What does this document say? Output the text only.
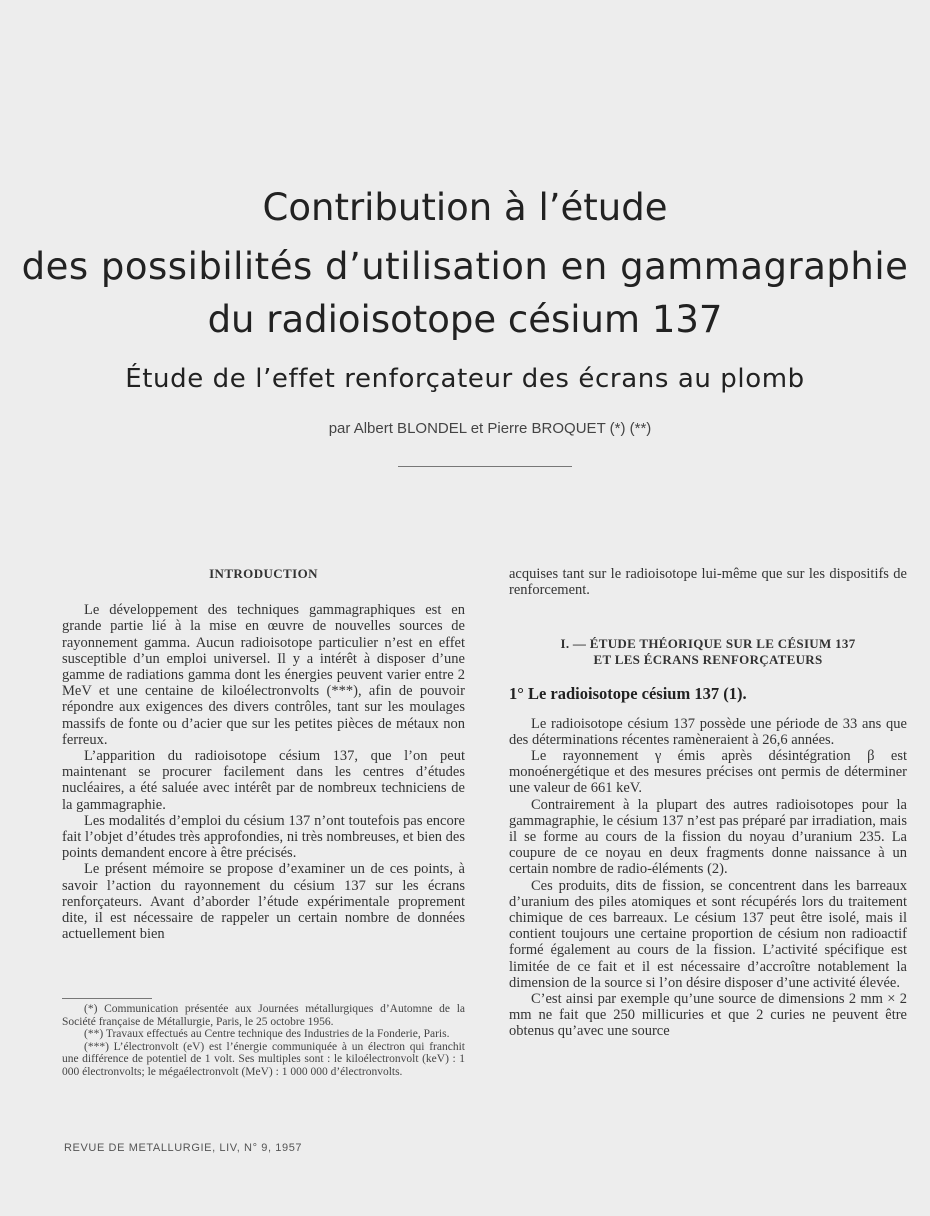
Contribution à l’étude
des possibilités d’utilisation en gammagraphie
du radioisotope césium 137
Étude de l’effet renforçateur des écrans au plomb
par Albert BLONDEL et Pierre BROQUET (*) (**)
INTRODUCTION

Le développement des techniques gammagraphiques est en grande partie lié à la mise en œuvre de nouvelles sources de rayonnement gamma. Aucun radioisotope particulier n’est en effet susceptible d’un emploi universel. Il y a intérêt à disposer d’une gamme de radiations gamma dont les énergies peuvent varier entre 2 MeV et une centaine de kiloélectronvolts (***), afin de pouvoir répondre aux exigences des divers contrôles, tant sur les moulages massifs de fonte ou d’acier que sur les petites pièces de métaux non ferreux.

L’apparition du radioisotope césium 137, que l’on peut maintenant se procurer facilement dans les centres d’études nucléaires, a été saluée avec intérêt par de nombreux techniciens de la gammagraphie.

Les modalités d’emploi du césium 137 n’ont toutefois pas encore fait l’objet d’études très approfondies, ni très nombreuses, et bien des points demandent encore à être précisés.

Le présent mémoire se propose d’examiner un de ces points, à savoir l’action du rayonnement du césium 137 sur les écrans renforçateurs. Avant d’aborder l’étude expérimentale proprement dite, il est nécessaire de rappeler un certain nombre de données actuellement bien

(*) Communication présentée aux Journées métallurgiques d’Automne de la Société française de Métallurgie, Paris, le 25 octobre 1956.

(**) Travaux effectués au Centre technique des Industries de la Fonderie, Paris.

(***) L’électronvolt (eV) est l’énergie communiquée à un électron qui franchit une différence de potentiel de 1 volt. Ses multiples sont : le kiloélectronvolt (keV) : 1 000 électronvolts; le mégaélectronvolt (MeV) : 1 000 000 d’électronvolts.

acquises tant sur le radioisotope lui-même que sur les dispositifs de renforcement.

I. — ÉTUDE THÉORIQUE SUR LE CÉSIUM 137
ET LES ÉCRANS RENFORÇATEURS
1° Le radioisotope césium 137 (1).

Le radioisotope césium 137 possède une période de 33 ans que des déterminations récentes ramèneraient à 26,6 années.

Le rayonnement γ émis après désintégration β est monoénergétique et des mesures précises ont permis de déterminer une valeur de 661 keV.

Contrairement à la plupart des autres radioisotopes pour la gammagraphie, le césium 137 n’est pas préparé par irradiation, mais il se forme au cours de la fission du noyau d’uranium 235. La coupure de ce noyau en deux fragments donne naissance à un certain nombre de radio-éléments (2).

Ces produits, dits de fission, se concentrent dans les barreaux d’uranium des piles atomiques et sont récupérés lors du traitement chimique de ces barreaux. Le césium 137 peut être isolé, mais il contient toujours une certaine proportion de césium non radioactif formé également au cours de la fission. L’activité spécifique est limitée de ce fait et il est nécessaire d’accroître notablement la dimension de la source si l’on désire disposer d’une activité élevée.

C’est ainsi par exemple qu’une source de dimensions 2 mm × 2 mm ne fait que 250 millicuries et que 2 curies ne peuvent être obtenus qu’avec une source

REVUE DE METALLURGIE, LIV, N° 9, 1957
